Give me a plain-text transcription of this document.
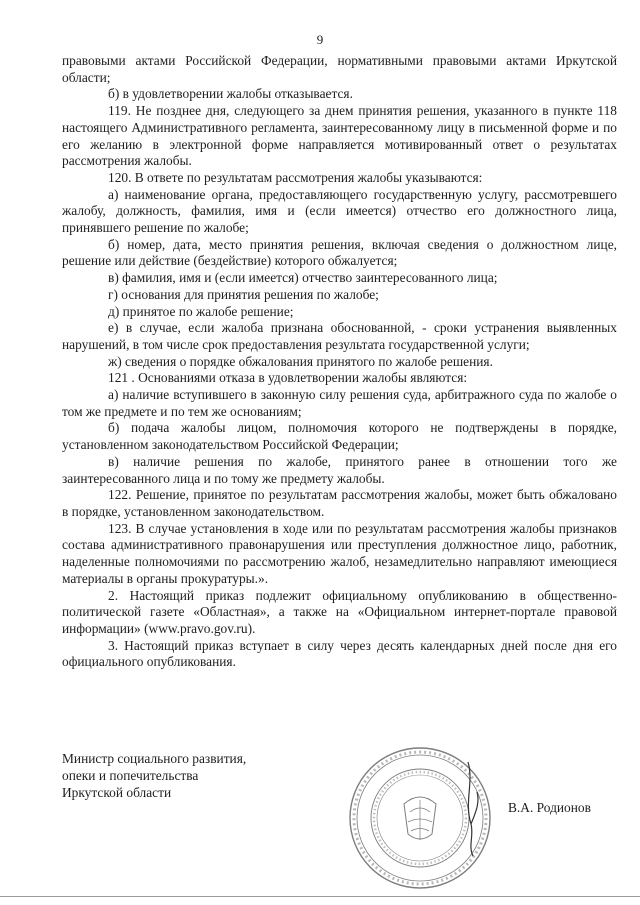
9

правовыми актами Российской Федерации, нормативными правовыми актами Иркутской области;

б) в удовлетворении жалобы отказывается.

119. Не позднее дня, следующего за днем принятия решения, указанного в пункте 118 настоящего Административного регламента, заинтересованному лицу в письменной форме и по его желанию в электронной форме направляется мотивированный ответ о результатах рассмотрения жалобы.

120. В ответе по результатам рассмотрения жалобы указываются:

а) наименование органа, предоставляющего государственную услугу, рассмотревшего жалобу, должность, фамилия, имя и (если имеется) отчество его должностного лица, принявшего решение по жалобе;

б) номер, дата, место принятия решения, включая сведения о должностном лице, решение или действие (бездействие) которого обжалуется;

в) фамилия, имя и (если имеется) отчество заинтересованного лица;

г) основания для принятия решения по жалобе;

д) принятое по жалобе решение;

е) в случае, если жалоба признана обоснованной, - сроки устранения выявленных нарушений, в том числе срок предоставления результата государственной услуги;

ж) сведения о порядке обжалования принятого по жалобе решения.

121 . Основаниями отказа в удовлетворении жалобы являются:

а) наличие вступившего в законную силу решения суда, арбитражного суда по жалобе о том же предмете и по тем же основаниям;

б) подача жалобы лицом, полномочия которого не подтверждены в порядке, установленном законодательством Российской Федерации;

в) наличие решения по жалобе, принятого ранее в отношении того же заинтересованного лица и по тому же предмету жалобы.

122. Решение, принятое по результатам рассмотрения жалобы, может быть обжаловано в порядке, установленном законодательством.

123. В случае установления в ходе или по результатам рассмотрения жалобы признаков состава административного правонарушения или преступления должностное лицо, работник, наделенные полномочиями по рассмотрению жалоб, незамедлительно направляют имеющиеся материалы в органы прокуратуры.».

2. Настоящий приказ подлежит официальному опубликованию в общественно-политической газете «Областная», а также на «Официальном интернет-портале правовой информации» (www.pravo.gov.ru).

3. Настоящий приказ вступает в силу через десять календарных дней после дня его официального опубликования.

Министр социального развития,
опеки и попечительства
Иркутской области
В.А. Родионов
